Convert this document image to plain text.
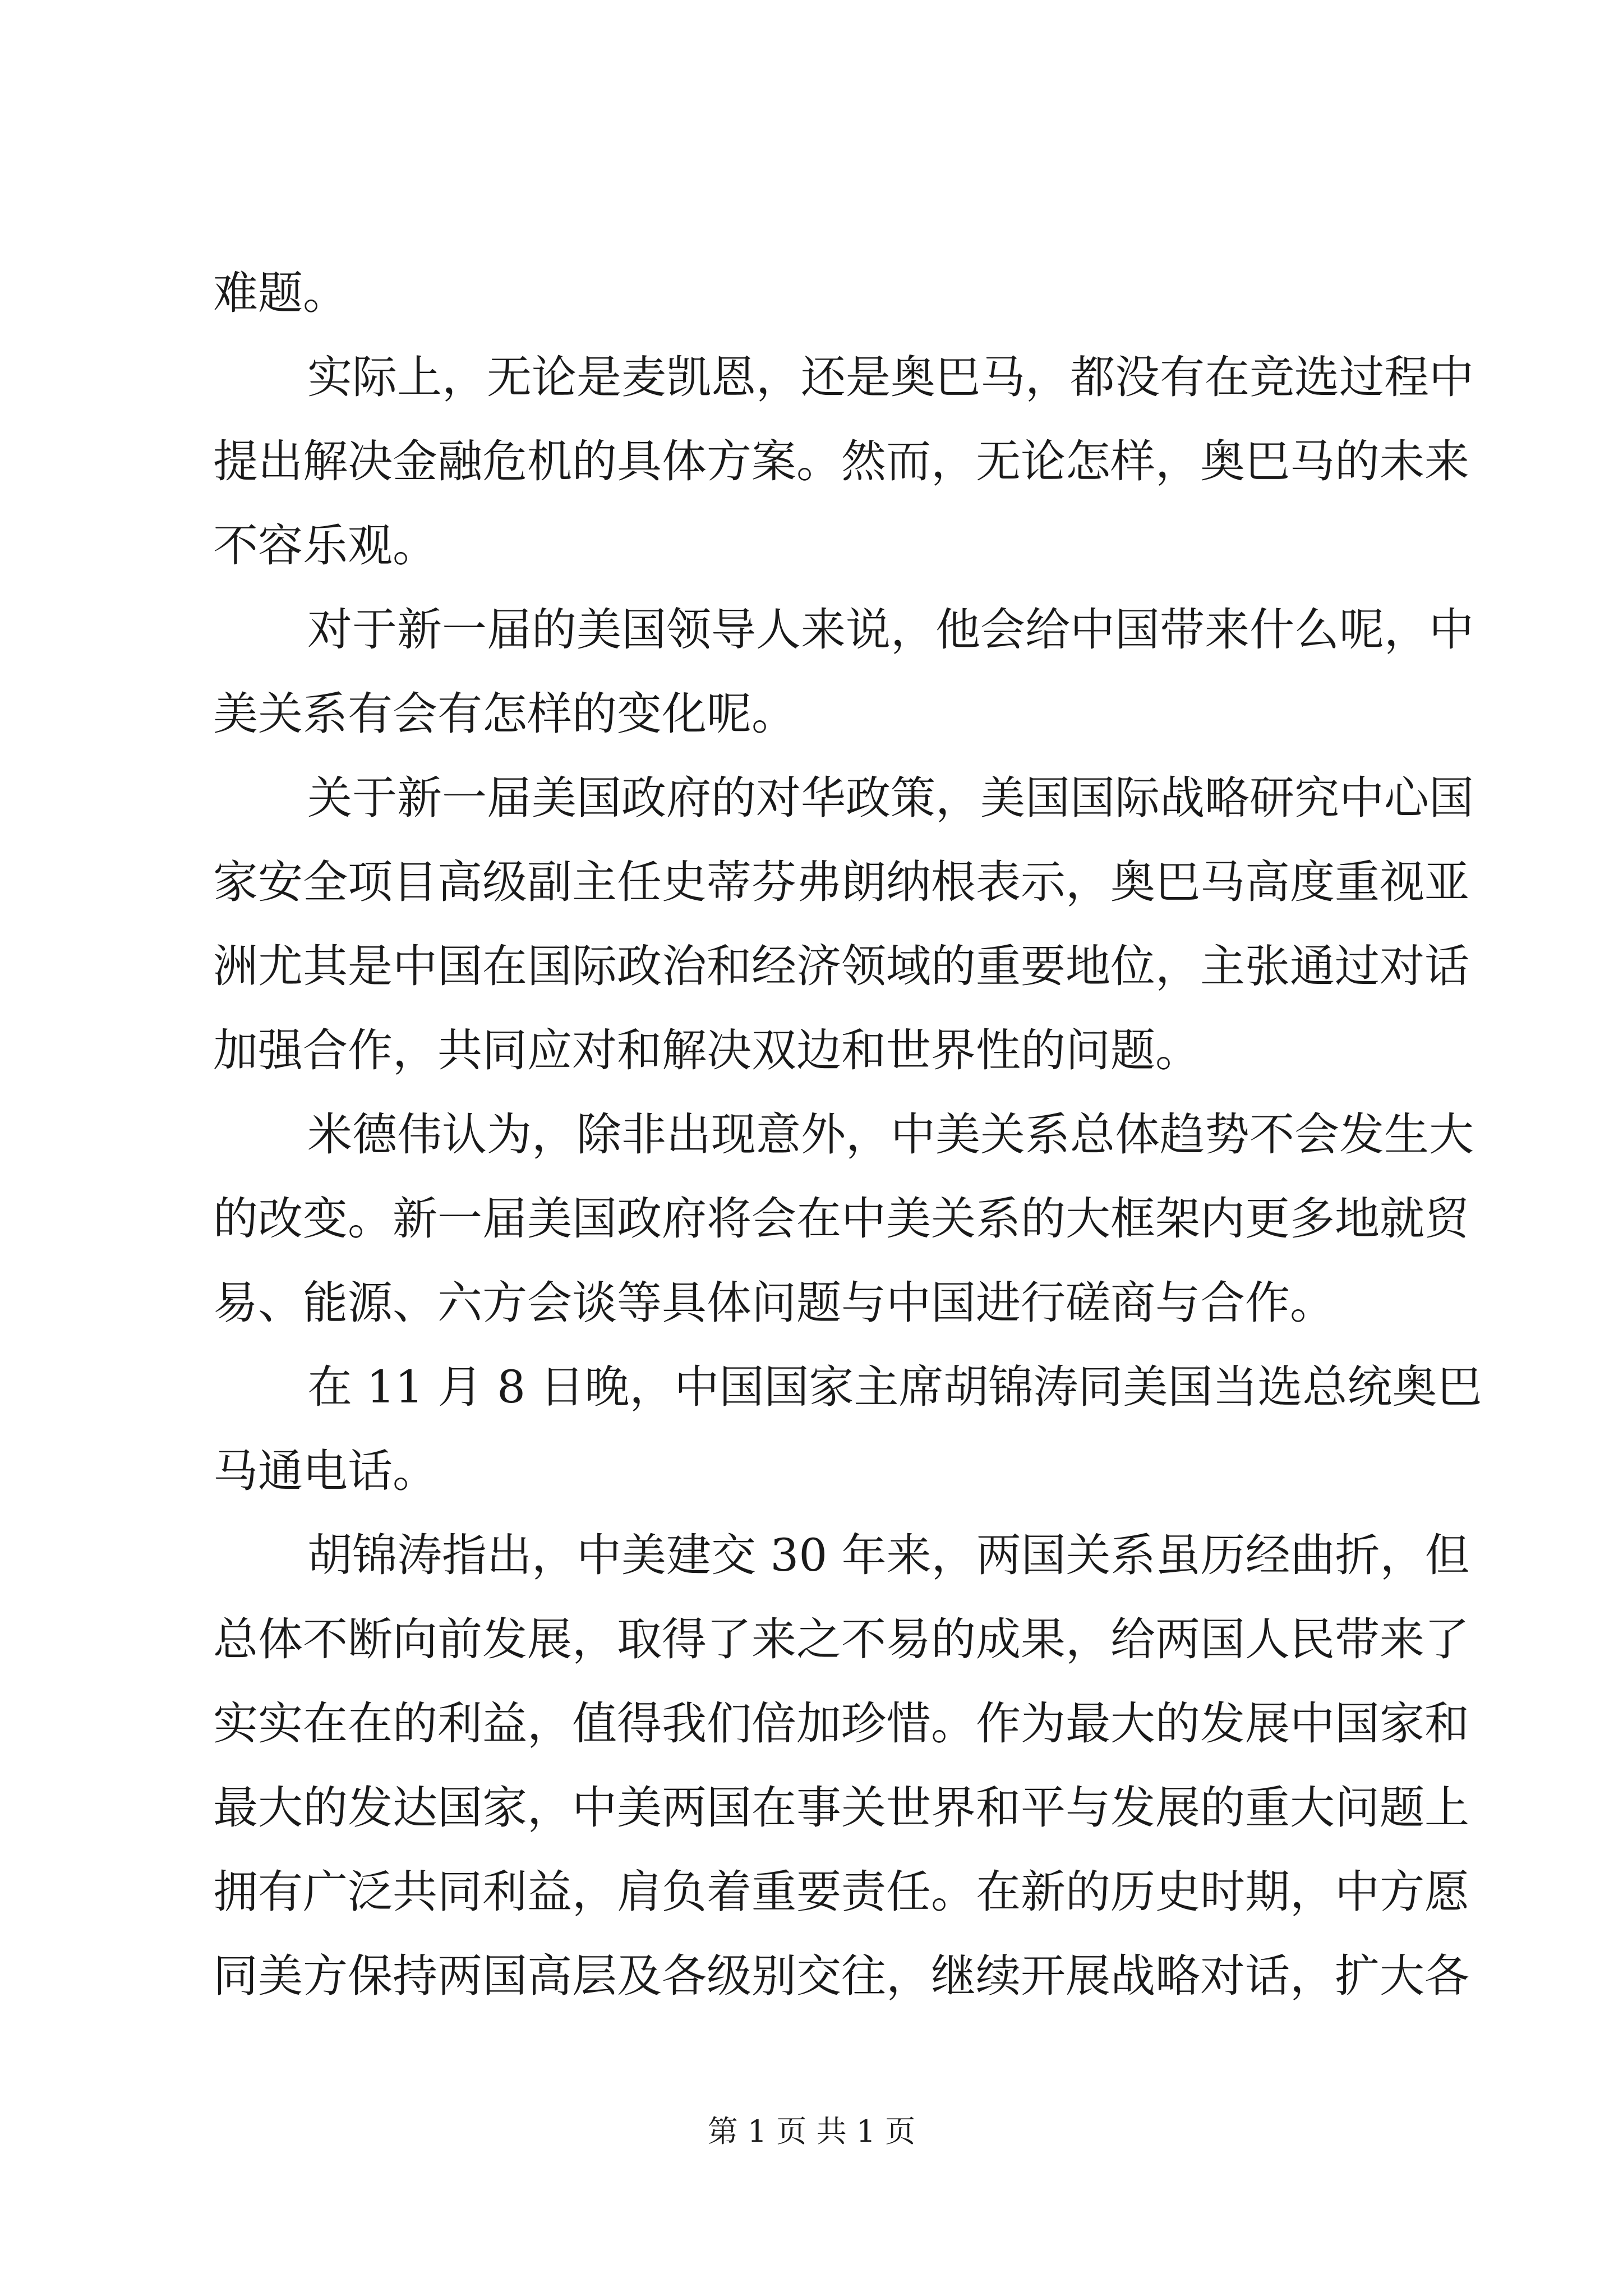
难题。
实际上，无论是麦凯恩，还是奥巴马，都没有在竞选过程中
提出解决金融危机的具体方案。然而，无论怎样，奥巴马的未来
不容乐观。
对于新一届的美国领导人来说，他会给中国带来什么呢，中
美关系有会有怎样的变化呢。
关于新一届美国政府的对华政策，美国国际战略研究中心国
家安全项目高级副主任史蒂芬弗朗纳根表示，奥巴马高度重视亚
洲尤其是中国在国际政治和经济领域的重要地位，主张通过对话
加强合作，共同应对和解决双边和世界性的问题。
米德伟认为，除非出现意外，中美关系总体趋势不会发生大
的改变。新一届美国政府将会在中美关系的大框架内更多地就贸
易、能源、六方会谈等具体问题与中国进行磋商与合作。
在 11 月 8 日晚，中国国家主席胡锦涛同美国当选总统奥巴
马通电话。
胡锦涛指出，中美建交 30 年来，两国关系虽历经曲折，但
总体不断向前发展，取得了来之不易的成果，给两国人民带来了
实实在在的利益，值得我们倍加珍惜。作为最大的发展中国家和
最大的发达国家，中美两国在事关世界和平与发展的重大问题上
拥有广泛共同利益，肩负着重要责任。在新的历史时期，中方愿
同美方保持两国高层及各级别交往，继续开展战略对话，扩大各
第 1 页 共 1 页
